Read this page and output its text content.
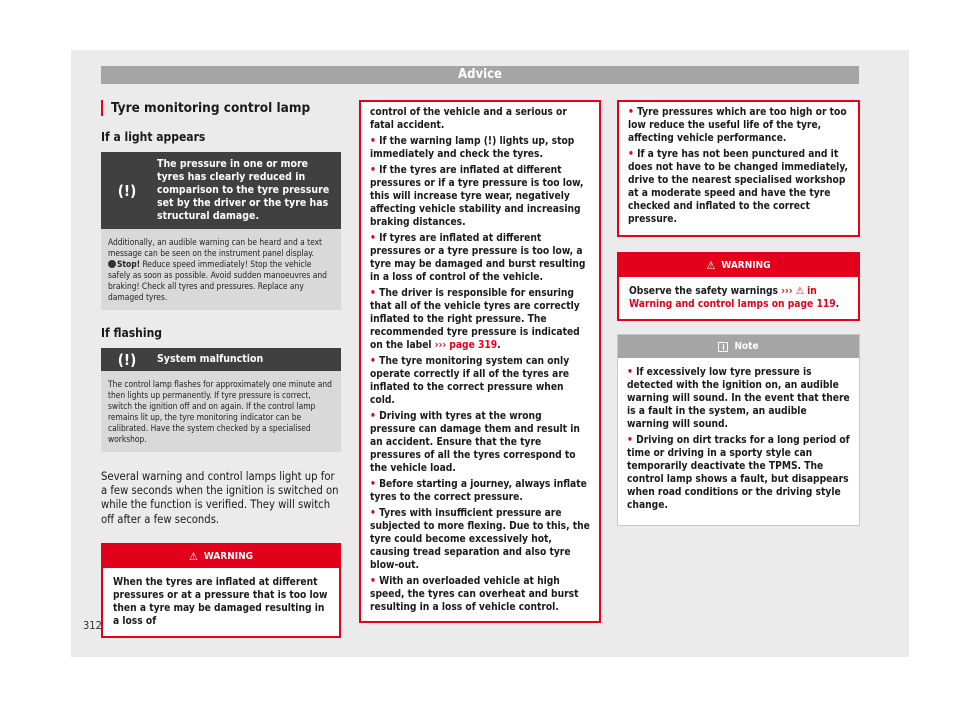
Advice
Tyre monitoring control lamp
If a light appears
(!)
The pressure in one or more tyres has clearly reduced in comparison to the tyre pressure set by the driver or the tyre has structural damage.
Additionally, an audible warning can be heard and a text message can be seen on the instrument panel display.
Stop! Reduce speed immediately! Stop the vehicle safely as soon as possible. Avoid sudden manoeuvres and braking! Check all tyres and pressures. Replace any damaged tyres.
If flashing
(!)	System malfunction
The control lamp flashes for approximately one minute and then lights up permanently. If tyre pressure is correct, switch the ignition off and on again. If the control lamp remains lit up, the tyre monitoring indicator can be calibrated. Have the system checked by a specialised workshop.
Several warning and control lamps light up for a few seconds when the ignition is switched on while the function is verified. They will switch off after a few seconds.
⚠ WARNING
When the tyres are inflated at different pressures or at a pressure that is too low then a tyre may be damaged resulting in a loss of

control of the vehicle and a serious or fatal accident.

• If the warning lamp (!) lights up, stop immediately and check the tyres.

• If the tyres are inflated at different pressures or if a tyre pressure is too low, this will increase tyre wear, negatively affecting vehicle stability and increasing braking distances.

• If tyres are inflated at different pressures or a tyre pressure is too low, a tyre may be damaged and burst resulting in a loss of control of the vehicle.

• The driver is responsible for ensuring that all of the vehicle tyres are correctly inflated to the right pressure. The recommended tyre pressure is indicated on the label ››› page 319.

• The tyre monitoring system can only operate correctly if all of the tyres are inflated to the correct pressure when cold.

• Driving with tyres at the wrong pressure can damage them and result in an accident. Ensure that the tyre pressures of all the tyres correspond to the vehicle load.

• Before starting a journey, always inflate tyres to the correct pressure.

• Tyres with insufficient pressure are subjected to more flexing. Due to this, the tyre could become excessively hot, causing tread separation and also tyre blow-out.

• With an overloaded vehicle at high speed, the tyres can overheat and burst resulting in a loss of vehicle control.

• Tyre pressures which are too high or too low reduce the useful life of the tyre, affecting vehicle performance.

• If a tyre has not been punctured and it does not have to be changed immediately, drive to the nearest specialised workshop at a moderate speed and have the tyre checked and inflated to the correct pressure.

⚠ WARNING
Observe the safety warnings ››› ⚠ in Warning and control lamps on page 119.
i Note

• If excessively low tyre pressure is detected with the ignition on, an audible warning will sound. In the event that there is a fault in the system, an audible warning will sound.

• Driving on dirt tracks for a long period of time or driving in a sporty style can temporarily deactivate the TPMS. The control lamp shows a fault, but disappears when road conditions or the driving style change.

312
